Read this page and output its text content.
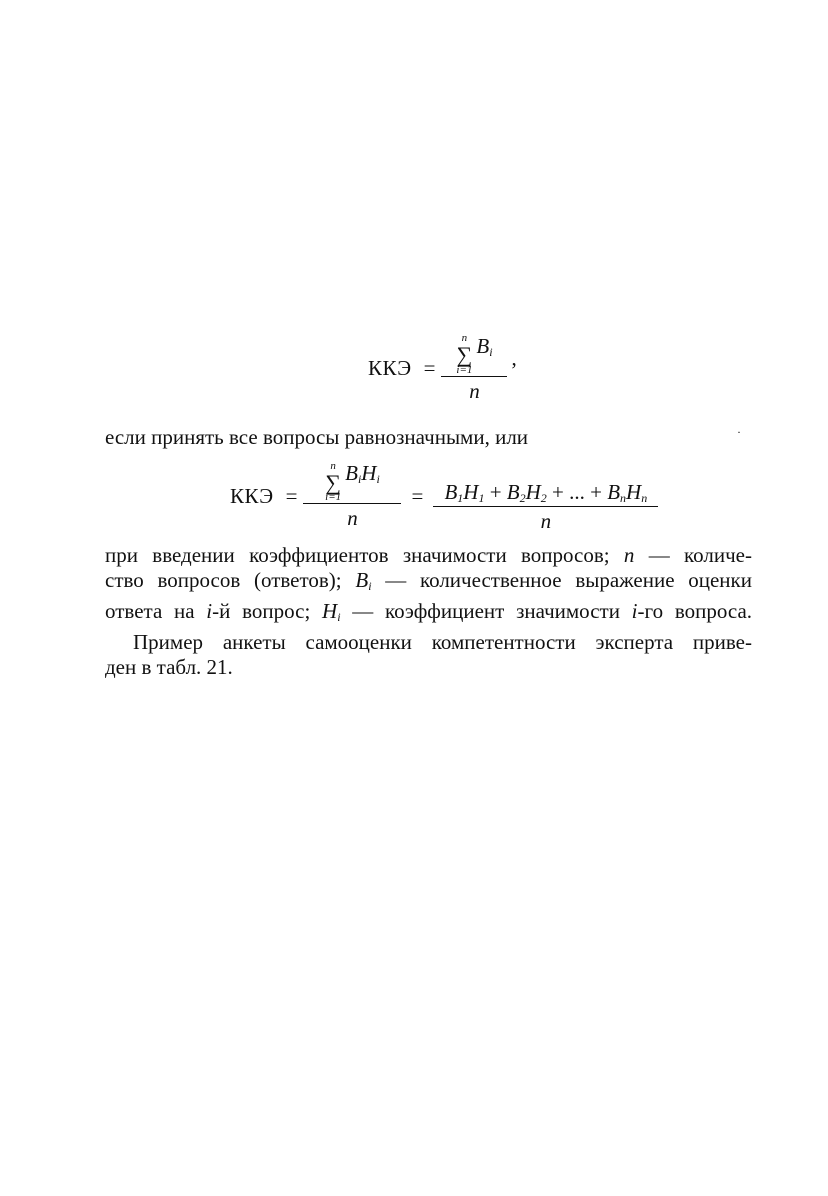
ККЭ = n
∑
i=1
$B_i$
n ,
если принять все вопросы равнозначными, или	·
ККЭ = n
∑
i=1
$B_iH_i$
$n = \frac{B_1H_1 + B_2H_2 + ... + B_nH_n}{n}$
при введении коэффициентов значимости вопросов; n — количе-
ство вопросов (ответов); $B_i$ — количественное выражение оценки
ответа на i-й вопрос; $H_i$ — коэффициент значимости i-го вопроса.
Пример анкеты самооценки компетентности эксперта приве-
ден в табл. 21.
